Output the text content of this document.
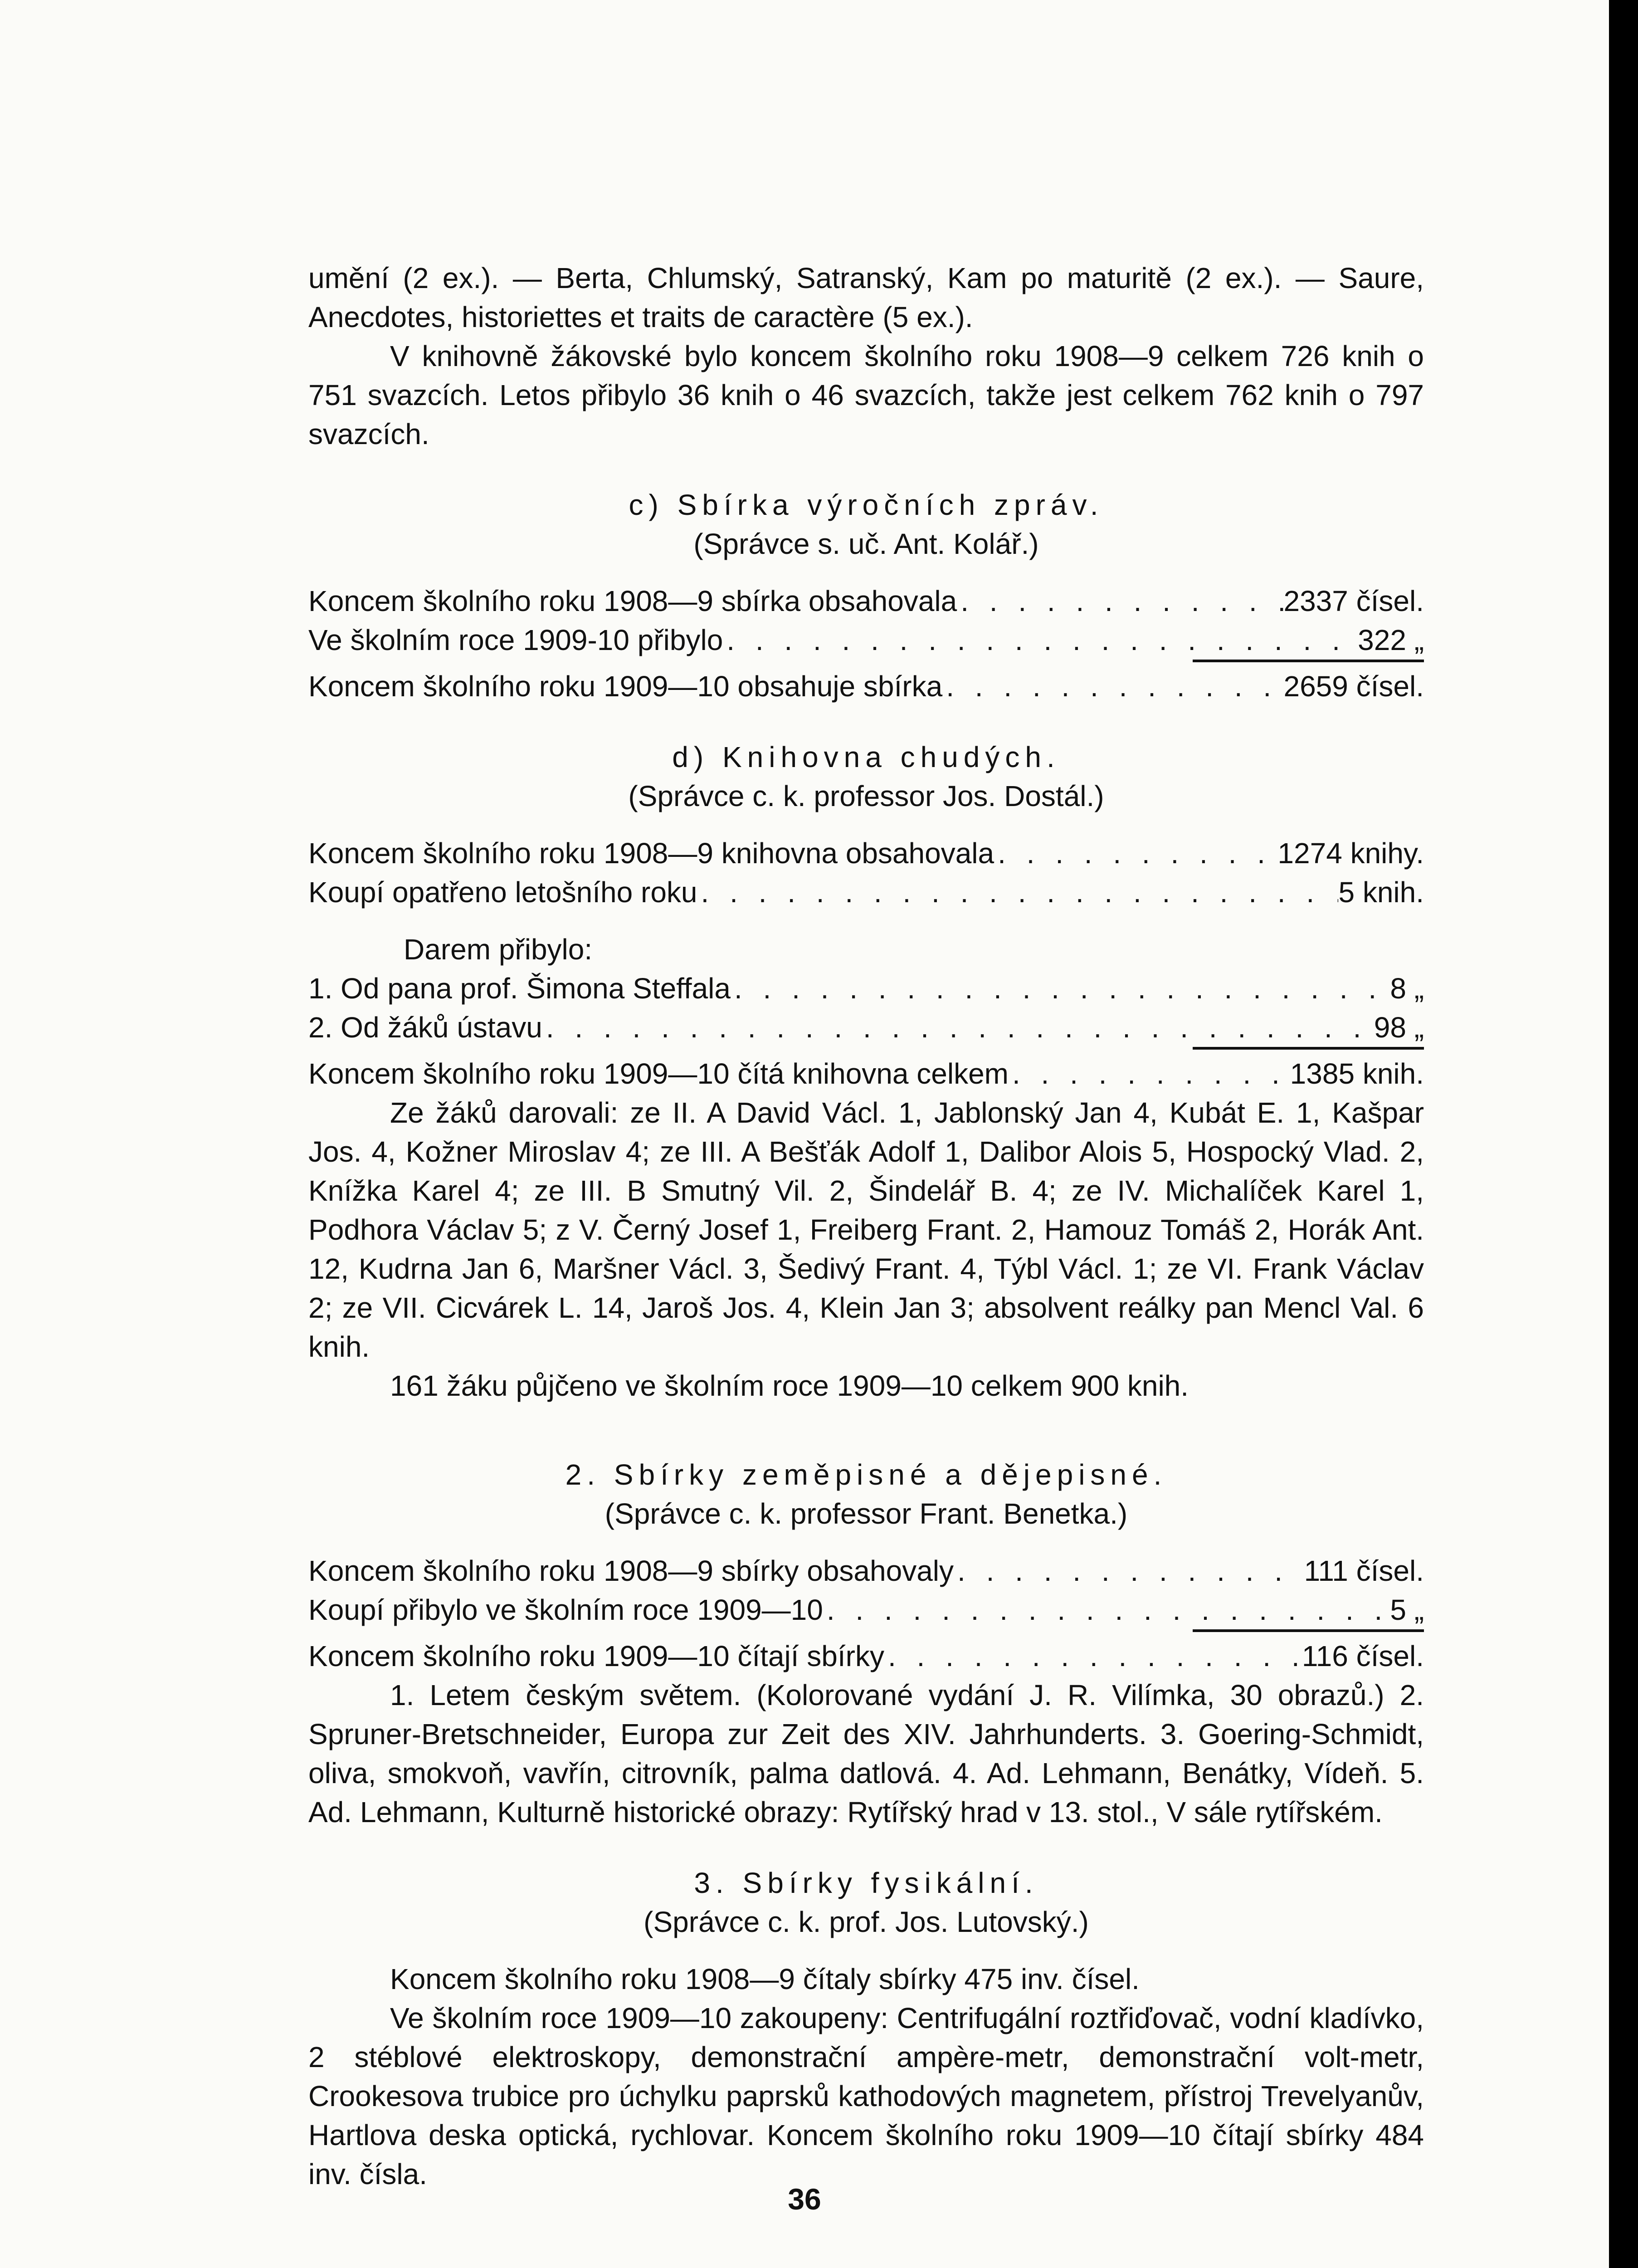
umění (2 ex.). — Berta, Chlumský, Satranský, Kam po maturitě (2 ex.). — Saure, Anecdotes, historiettes et traits de caractère (5 ex.).

V knihovně žákovské bylo koncem školního roku 1908—9 celkem 726 knih o 751 svazcích. Letos přibylo 36 knih o 46 svazcích, takže jest celkem 762 knih o 797 svazcích.

c) Sbírka výročních zpráv.

(Správce s. uč. Ant. Kolář.)

Koncem školního roku 1908—9 sbírka obsahovala . . .	2337 čísel.
Ve školním roce 1909-10 přibylo . . .	322 „
Koncem školního roku 1909—10 obsahuje sbírka . . .	2659 čísel.

d) Knihovna chudých.

(Správce c. k. professor Jos. Dostál.)

Koncem školního roku 1908—9 knihovna obsahovala . . .	1274 knihy.
Koupí opatřeno letošního roku . . .	5 knih.

Darem přibylo:

1. Od pana prof. Šimona Steffala . . .	8 „
2. Od žáků ústavu . . .	98 „
Koncem školního roku 1909—10 čítá knihovna celkem . . .	1385 knih.

Ze žáků darovali: ze II. A David Václ. 1, Jablonský Jan 4, Kubát E. 1, Kašpar Jos. 4, Kožner Miroslav 4; ze III. A Bešťák Adolf 1, Dalibor Alois 5, Hospocký Vlad. 2, Knížka Karel 4; ze III. B Smutný Vil. 2, Šindelář B. 4; ze IV. Michalíček Karel 1, Podhora Václav 5; z V. Černý Josef 1, Freiberg Frant. 2, Hamouz Tomáš 2, Horák Ant. 12, Kudrna Jan 6, Maršner Václ. 3, Šedivý Frant. 4, Týbl Václ. 1; ze VI. Frank Václav 2; ze VII. Cicvárek L. 14, Jaroš Jos. 4, Klein Jan 3; absolvent reálky pan Mencl Val. 6 knih.

161 žáku půjčeno ve školním roce 1909—10 celkem 900 knih.

2. Sbírky zeměpisné a dějepisné.

(Správce c. k. professor Frant. Benetka.)

Koncem školního roku 1908—9 sbírky obsahovaly . . .	111 čísel.
Koupí přibylo ve školním roce 1909—10 . . .	5 „
Koncem školního roku 1909—10 čítají sbírky . . .	116 čísel.

1. Letem českým světem. (Kolorované vydání J. R. Vilímka, 30 obrazů.) 2. Spruner-Bretschneider, Europa zur Zeit des XIV. Jahrhunderts. 3. Goering-Schmidt, oliva, smokvoň, vavřín, citrovník, palma datlová. 4. Ad. Lehmann, Benátky, Vídeň. 5. Ad. Lehmann, Kulturně historické obrazy: Rytířský hrad v 13. stol., V sále rytířském.

3. Sbírky fysikální.

(Správce c. k. prof. Jos. Lutovský.)

Koncem školního roku 1908—9 čítaly sbírky 475 inv. čísel.

Ve školním roce 1909—10 zakoupeny: Centrifugální roztřiďovač, vodní kladívko, 2 stéblové elektroskopy, demonstrační ampère-metr, demonstrační volt-metr, Crookesova trubice pro úchylku paprsků kathodových magnetem, přístroj Trevelyanův, Hartlova deska optická, rychlovar. Koncem školního roku 1909—10 čítají sbírky 484 inv. čísla.

36
